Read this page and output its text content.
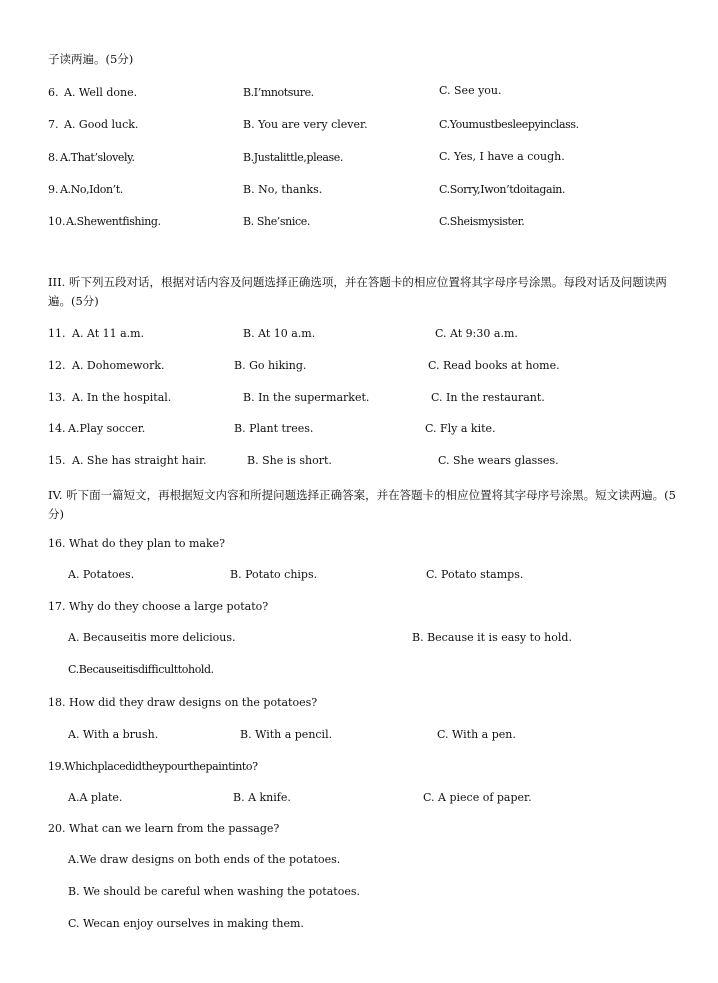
子读两遍。(5分)
6. A. Well done.	B.I’mnotsure.	C. See you.
7. A. Good luck.	B. You are very clever.	C.Youmustbesleepyinclass.
8. A.That’slovely.	B.Justalittle,please.	C. Yes, I have a cough.
9. A.No,Idon’t.	B. No, thanks.	C.Sorry,Iwon’tdoitagain.
10. A.Shewentfishing.	B. She’snice.	C.Sheismysister.
III. 听下列五段对话，根据对话内容及问题选择正确选项，并在答题卡的相应位置将其字母序号涂黑。每段对话及问题读两遍。(5分)
11. A. At 11 a.m.	B. At 10 a.m.	C. At 9:30 a.m.
12. A. Dohomework.	B. Go hiking.	C. Read books at home.
13. A. In the hospital.	B. In the supermarket.	C. In the restaurant.
14. A.Play soccer.	B. Plant trees.	C. Fly a kite.
15. A. She has straight hair.	B. She is short.	C. She wears glasses.
IV. 听下面一篇短文，再根据短文内容和所提问题选择正确答案，并在答题卡的相应位置将其字母序号涂黑。短文读两遍。(5分)
16. What do they plan to make?
A. Potatoes.	B. Potato chips.	C. Potato stamps.
17. Why do they choose a large potato?
A. Becauseitis more delicious.	B. Because it is easy to hold.
C.Becauseitisdifficulttohold.
18. How did they draw designs on the potatoes?
A. With a brush.	B. With a pencil.	C. With a pen.
19.Whichplacedidtheypourthepaintinto?
A.A plate.	B. A knife.	C. A piece of paper.
20. What can we learn from the passage?
A.We draw designs on both ends of the potatoes.
B. We should be careful when washing the potatoes.
C. Wecan enjoy ourselves in making them.
